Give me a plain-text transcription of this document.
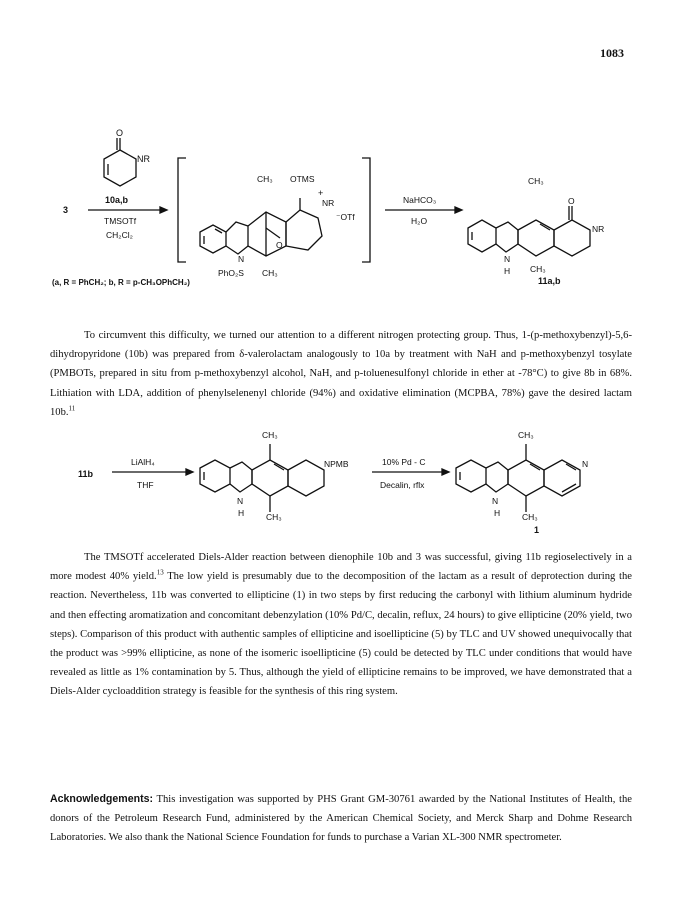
1083
O
NR
10a,b
3
TMSOTf
CH₂Cl₂
CH₃ OTMS
+
NR
⁻OTf
N
O
PhO₂S CH₃
NaHCO₃
H₂O
CH₃
O
NR
N
H CH₃
11a,b
(a, R = PhCH₂; b, R = p-CH₃OPhCH₂)

To circumvent this difficulty, we turned our attention to a different nitrogen protecting group. Thus, 1-(p-methoxybenzyl)-5,6-dihydropyridone (10b) was prepared from δ-valerolactam analogously to 10a by treatment with NaH and p-methoxybenzyl tosylate (PMBOTs, prepared in situ from p-methoxybenzyl alcohol, NaH, and p-toluenesulfonyl chloride in ether at -78°C) to give 8b in 68%. Lithiation with LDA, addition of phenylselenenyl chloride (94%) and oxidative elimination (MCPBA, 78%) gave the desired lactam 10b.$^{11}$

11b
LiAlH₄
THF
CH₃
NPMB
N
H	CH₃
10% Pd - C
Decalin, rflx
CH₃
N
N
H	CH₃
1

The TMSOTf accelerated Diels-Alder reaction between dienophile 10b and 3 was successful, giving 11b regioselectively in a more modest 40% yield.$^{13}$ The low yield is presumably due to the decomposition of the lactam as a result of deprotection during the reaction. Nevertheless, 11b was converted to ellipticine (1) in two steps by first reducing the carbonyl with lithium aluminum hydride and then effecting aromatization and concomitant debenzylation (10% Pd/C, decalin, reflux, 24 hours) to give ellipticine (20% yield, two steps). Comparison of this product with authentic samples of ellipticine and isoellipticine (5) by TLC and UV showed unequivocally that the product was >99% ellipticine, as none of the isomeric isoellipticine (5) could be detected by TLC under conditions that would have revealed as little as 1% contamination by 5. Thus, although the yield of ellipticine remains to be improved, we have demonstrated that a Diels-Alder cycloaddition strategy is feasible for the synthesis of this ring system.

Acknowledgements: This investigation was supported by PHS Grant GM-30761 awarded by the National Institutes of Health, the donors of the Petroleum Research Fund, administered by the American Chemical Society, and Merck Sharp and Dohme Research Laboratories. We also thank the National Science Foundation for funds to purchase a Varian XL-300 NMR spectrometer.
